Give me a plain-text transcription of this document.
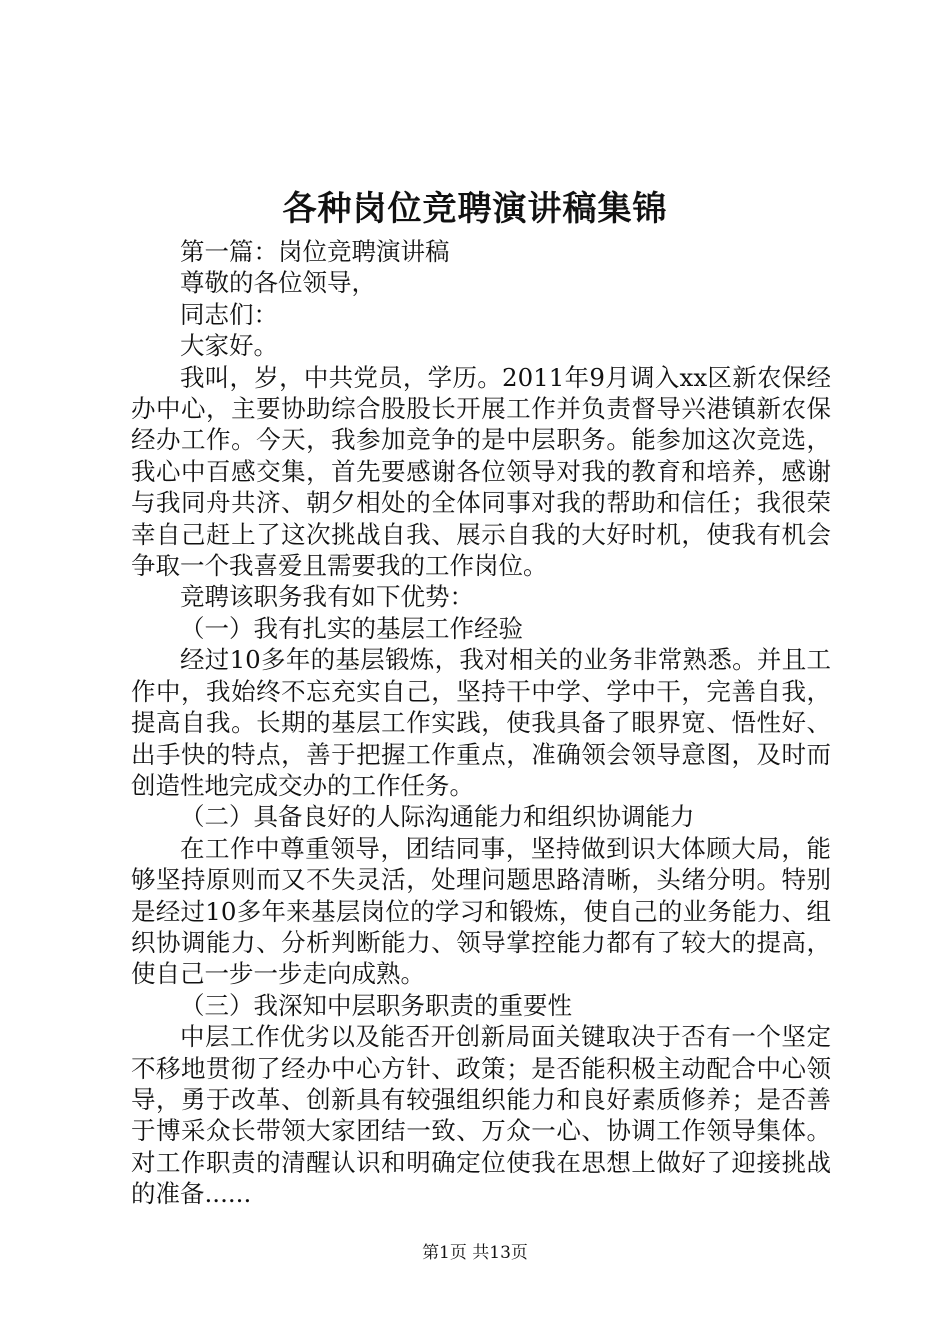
各种岗位竞聘演讲稿集锦

第一篇：岗位竞聘演讲稿

尊敬的各位领导，

同志们：

大家好。

我叫，岁，中共党员，学历。2011年9月调入xx区新农保经办中心，主要协助综合股股长开展工作并负责督导兴港镇新农保经办工作。今天，我参加竞争的是中层职务。能参加这次竞选，我心中百感交集，首先要感谢各位领导对我的教育和培养，感谢与我同舟共济、朝夕相处的全体同事对我的帮助和信任；我很荣幸自己赶上了这次挑战自我、展示自我的大好时机，使我有机会争取一个我喜爱且需要我的工作岗位。

竞聘该职务我有如下优势：

（一）我有扎实的基层工作经验

经过10多年的基层锻炼，我对相关的业务非常熟悉。并且工作中，我始终不忘充实自己，坚持干中学、学中干，完善自我，提高自我。长期的基层工作实践，使我具备了眼界宽、悟性好、出手快的特点，善于把握工作重点，准确领会领导意图，及时而创造性地完成交办的工作任务。

（二）具备良好的人际沟通能力和组织协调能力

在工作中尊重领导，团结同事，坚持做到识大体顾大局，能够坚持原则而又不失灵活，处理问题思路清晰，头绪分明。特别是经过10多年来基层岗位的学习和锻炼，使自己的业务能力、组织协调能力、分析判断能力、领导掌控能力都有了较大的提高，使自己一步一步走向成熟。

（三）我深知中层职务职责的重要性

中层工作优劣以及能否开创新局面关键取决于否有一个坚定不移地贯彻了经办中心方针、政策；是否能积极主动配合中心领导，勇于改革、创新具有较强组织能力和良好素质修养；是否善于博采众长带领大家团结一致、万众一心、协调工作领导集体。对工作职责的清醒认识和明确定位使我在思想上做好了迎接挑战的准备......

第1页 共13页
